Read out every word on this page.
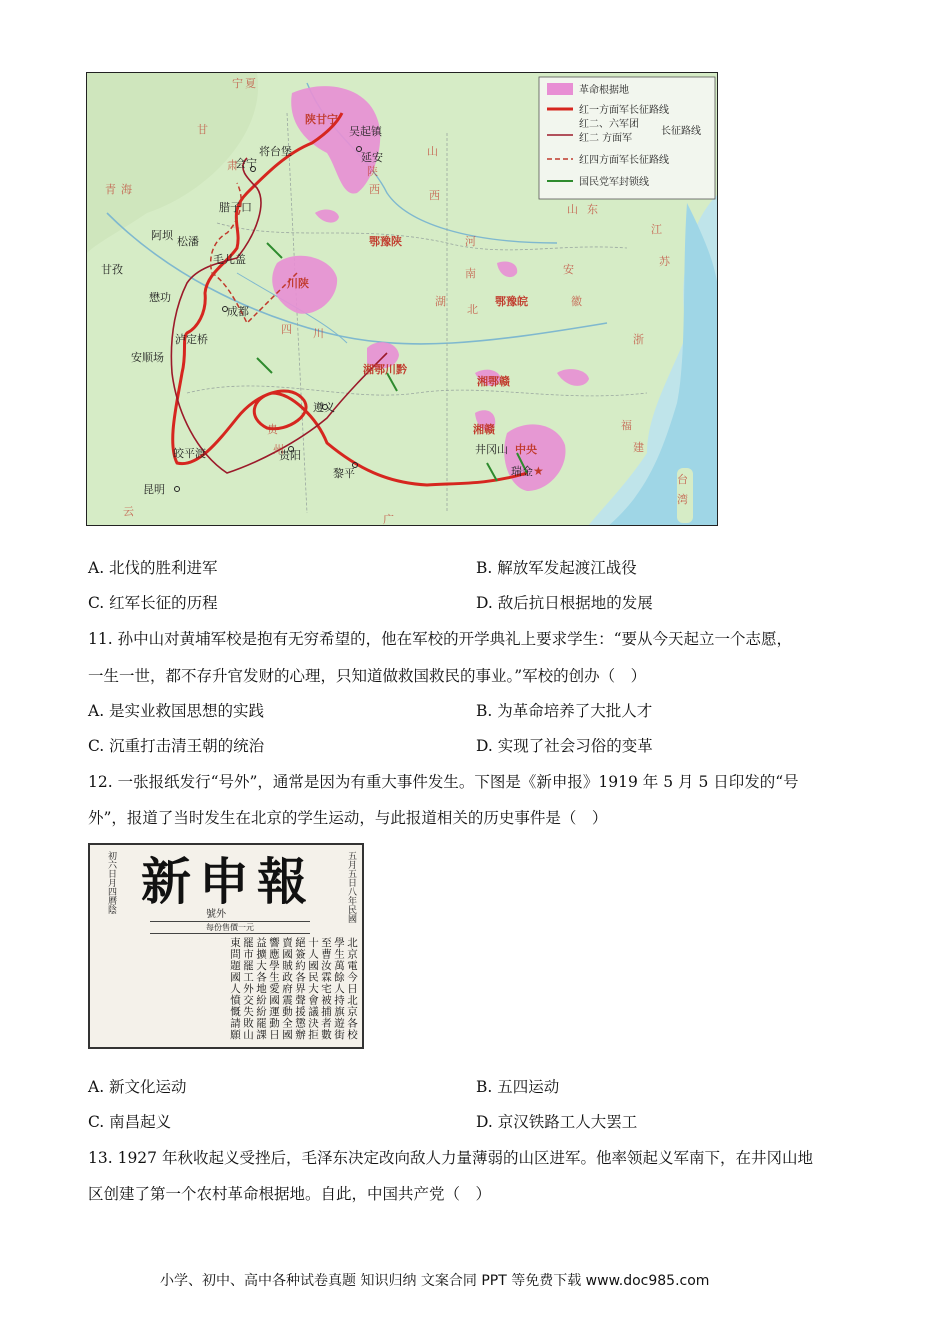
革命根据地
红一方面军长征路线
红二、六军团
红二 方面军
长征路线
红四方面军长征路线
国民党军封锁线
陕甘宁
鄂豫陕
川陕
鄂豫皖
湘鄂川黔
湘鄂赣
湘赣
中央
吴起镇
延安
会宁
将台堡
腊子口
阿坝
毛儿盖
松潘
甘孜
懋功
成都
安顺场
泸定桥
遵义
贵阳
皎平渡
昆明
黎平
井冈山
瑞金
宁 夏
甘
肃
山
西
河
南	安
徽
江
苏
湖
北
四 川
贵
州
浙
福
建
台
湾
云
广
青 海
陕
西
山 东
★
A. 北伐的胜利进军	B. 解放军发起渡江战役
C. 红军长征的历程	D. 敌后抗日根据地的发展
11. 孙中山对黄埔军校是抱有无穷希望的，他在军校的开学典礼上要求学生：“要从今天起立一个志愿，
一生一世，都不存升官发财的心理，只知道做救国救民的事业。”军校的创办（　）
A. 是实业救国思想的实践	B. 为革命培养了大批人才
C. 沉重打击清王朝的统治	D. 实现了社会习俗的变革
12. 一张报纸发行“号外”，通常是因为有重大事件发生。下图是《新申报》1919 年 5 月 5 日印发的“号
外”，报道了当时发生在北京的学生运动，与此报道相关的历史事件是（　）
初六日月四曆陰 新申報
號外	五月五日八年民國
每份售價一元
北京電今日北京各校學生萬餘人持旗遊街至曹汝霖宅被捕者數十人國民大會議決拒絕簽約各界聲援懲辦賣國賊政府震動全國響應學生愛國運動日益擴大各地紛紛罷課罷市罷工外交失敗山東問題國人憤慨請願
A. 新文化运动	B. 五四运动
C. 南昌起义	D. 京汉铁路工人大罢工
13. 1927 年秋收起义受挫后，毛泽东决定改向敌人力量薄弱的山区进军。他率领起义军南下，在井冈山地
区创建了第一个农村革命根据地。自此，中国共产党（　）
小学、初中、高中各种试卷真题 知识归纳 文案合同 PPT 等免费下载 www.doc985.com
